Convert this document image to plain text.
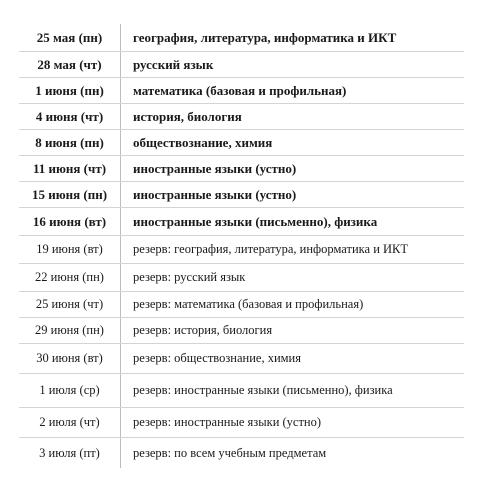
25 мая (пн)	география, литература, информатика и ИКТ
28 мая (чт)	русский язык
1 июня (пн)	математика (базовая и профильная)
4 июня (чт)	история, биология
8 июня (пн)	обществознание, химия
11 июня (чт)	иностранные языки (устно)
15 июня (пн)	иностранные языки (устно)
16 июня (вт)	иностранные языки (письменно), физика
19 июня (вт)	резерв: география, литература, информатика и ИКТ
22 июня (пн)	резерв: русский язык
25 июня (чт)	резерв: математика (базовая и профильная)
29 июня (пн)	резерв: история, биология
30 июня (вт)	резерв: обществознание, химия
1 июля (ср)	резерв: иностранные языки (письменно), физика
2 июля (чт)	резерв: иностранные языки (устно)
3 июля (пт)	резерв: по всем учебным предметам
